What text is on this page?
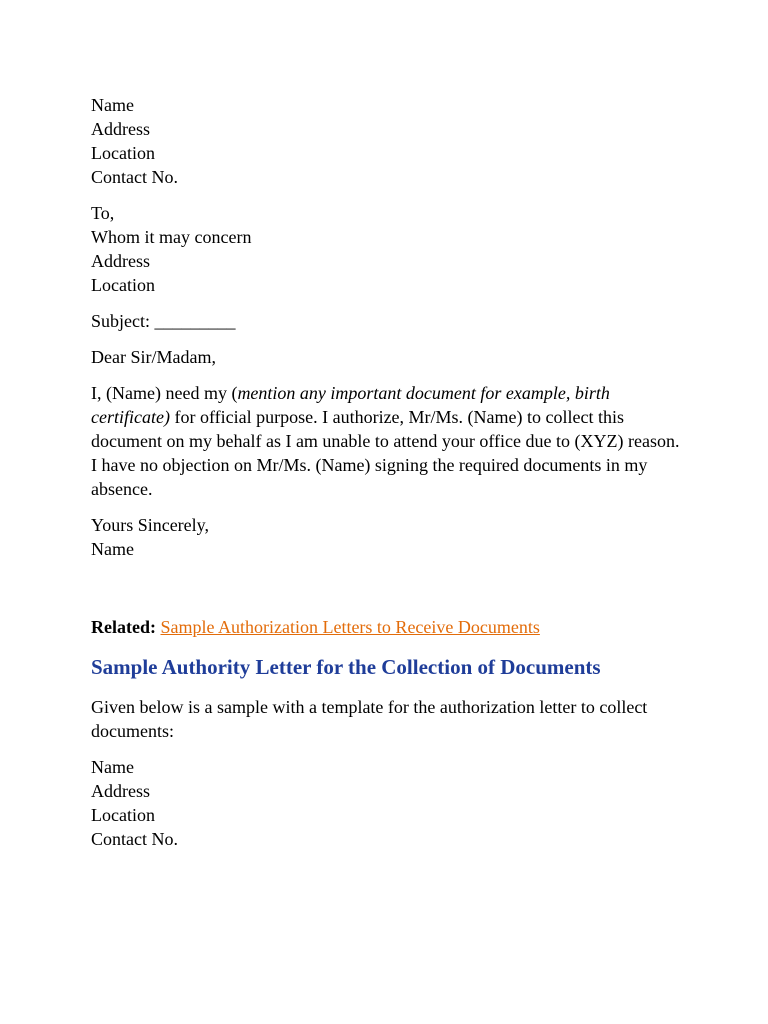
Name
Address
Location
Contact No.
To,
Whom it may concern
Address
Location
Subject: _________
Dear Sir/Madam,
I, (Name) need my (mention any important document for example, birth certificate) for official purpose. I authorize, Mr/Ms. (Name) to collect this document on my behalf as I am unable to attend your office due to (XYZ) reason. I have no objection on Mr/Ms. (Name) signing the required documents in my absence.
Yours Sincerely,
Name
Related: Sample Authorization Letters to Receive Documents
Sample Authority Letter for the Collection of Documents
Given below is a sample with a template for the authorization letter to collect documents:
Name
Address
Location
Contact No.
